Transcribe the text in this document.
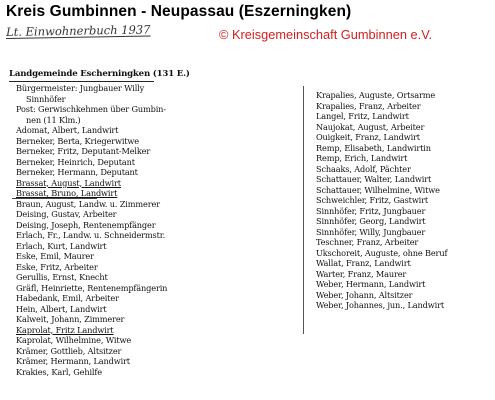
Kreis Gumbinnen - Neupassau (Eszerningken)
Lt. Einwohnerbuch 1937	© Kreisgemeinschaft Gumbinnen e.V.
Landgemeinde Escherningken (131 E.)
Bürgermeister: Jungbauer Willy
Sinnhöfer
Post: Gerwischkehmen über Gumbin-
nen (11 Klm.)
Adomat, Albert, Landwirt
Berneker, Berta, Kriegerwitwe
Berneker, Fritz, Deputant-Melker
Berneker, Heinrich, Deputant
Berneker, Hermann, Deputant
Brassat, August, Landwirt
Brassat, Bruno, Landwirt
Braun, August, Landw. u. Zimmerer
Deising, Gustav, Arbeiter
Deising, Joseph, Rentenempfänger
Erlach, Fr., Landw. u. Schneidermstr.
Erlach, Kurt, Landwirt
Eske, Emil, Maurer
Eske, Fritz, Arbeiter
Gerullis, Ernst, Knecht
Gräfl, Heinriette, Rentenempfängerin
Habedank, Emil, Arbeiter
Hein, Albert, Landwirt
Kalweit, Johann, Zimmerer
Kaprolat, Fritz Landwirt
Kaprolat, Wilhelmine, Witwe
Krämer, Gottlieb, Altsitzer
Krämer, Hermann, Landwirt
Krakies, Karl, Gehilfe
Krapalies, Auguste, Ortsarme
Krapalies, Franz, Arbeiter
Langel, Fritz, Landwirt
Naujokat, August, Arbeiter
Ouigkeit, Franz, Landwirt
Remp, Elisabeth, Landwirtin
Remp, Erich, Landwirt
Schaaks, Adolf, Pächter
Schattauer, Walter, Landwirt
Schattauer, Wilhelmine, Witwe
Schweichler, Fritz, Gastwirt
Sinnhöfer, Fritz, Jungbauer
Sinnhöfer, Georg, Landwirt
Sinnhöfer, Willy, Jungbauer
Teschner, Franz, Arbeiter
Ukschoreit, Auguste, ohne Beruf
Wallat, Franz, Landwirt
Warter, Franz, Maurer
Weber, Hermann, Landwirt
Weber, Johann, Altsitzer
Weber, Johannes, jun., Landwirt
